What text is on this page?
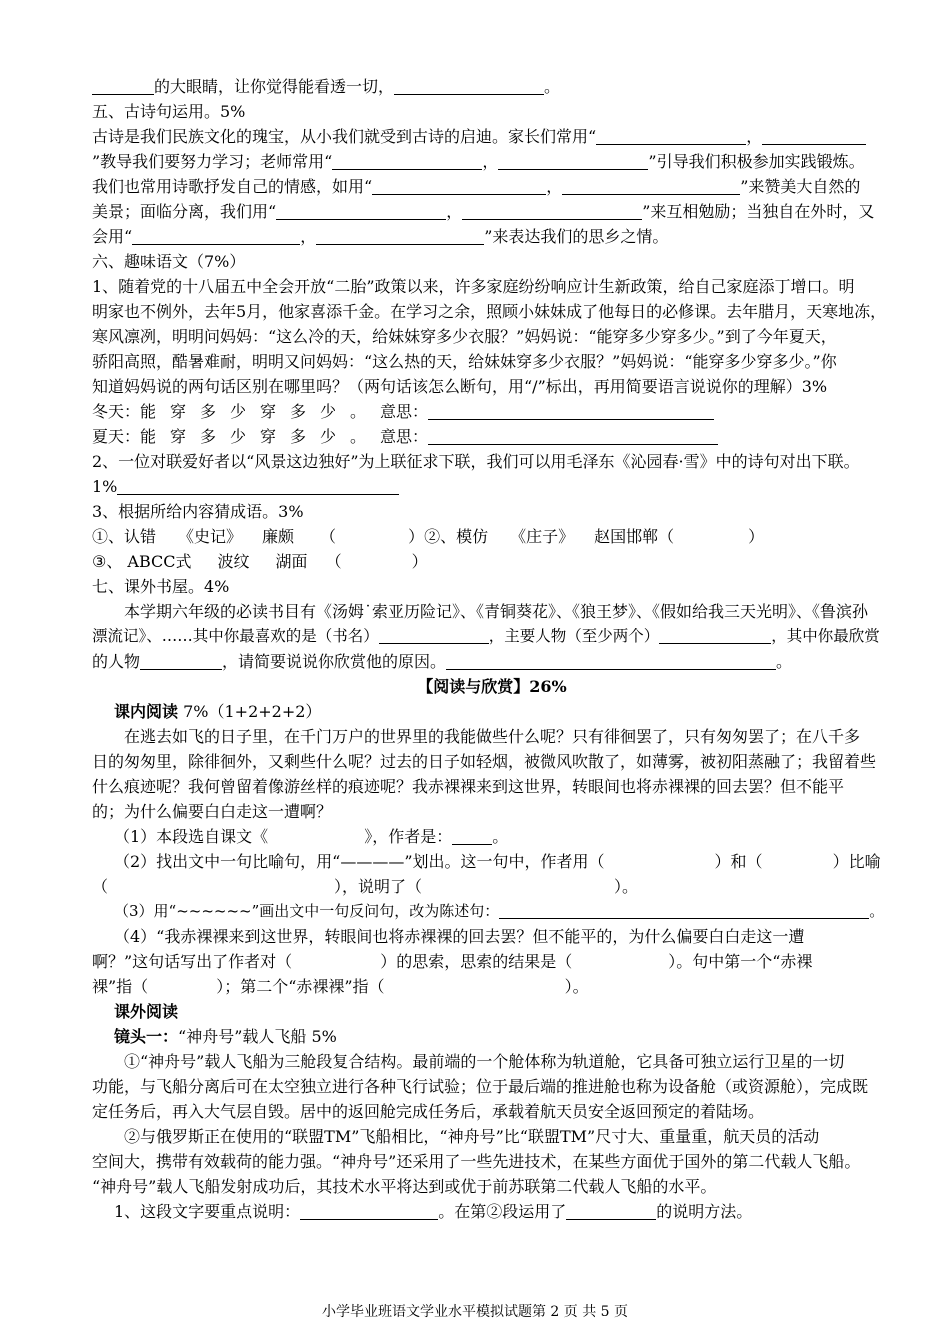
的大眼睛，让你觉得能看透一切，	。
五、古诗句运用。5%
古诗是我们民族文化的瑰宝，从小我们就受到古诗的启迪。家长们常用“	，
”教导我们要努力学习；老师常用“	，	”引导我们积极参加实践锻炼。
我们也常用诗歌抒发自己的情感，如用“	，	”来赞美大自然的
美景；面临分离，我们用“	，	”来互相勉励；当独自在外时，又
会用“	，	”来表达我们的思乡之情。
六、趣味语文（7%）
1、随着党的十八届五中全会开放“二胎”政策以来，许多家庭纷纷响应计生新政策，给自己家庭添丁增口。明
明家也不例外，去年5月，他家喜添千金。在学习之余，照顾小妹妹成了他每日的必修课。去年腊月，天寒地冻，
寒风凛冽，明明问妈妈：“这么冷的天，给妹妹穿多少衣服？”妈妈说：“能穿多少穿多少。”到了今年夏天，
骄阳高照，酷暑难耐，明明又问妈妈：“这么热的天，给妹妹穿多少衣服？”妈妈说：“能穿多少穿多少。”你
知道妈妈说的两句话区别在哪里吗？（两句话该怎么断句，用“/”标出，再用简要语言说说你的理解）3%
冬天：能穿多少穿多少。意思：
夏天：能穿多少穿多少。意思：
2、一位对联爱好者以“风景这边独好”为上联征求下联，我们可以用毛泽东《沁园春·雪》中的诗句对出下联。
1%
3、根据所给内容猜成语。3%
①、认错 《史记》 廉颇 （	）②、模仿 《庄子》 赵国邯郸（	）
③、 ABCC式 波纹 湖面 （	）
七、课外书屋。4%
本学期六年级的必读书目有《汤姆˙索亚历险记》、《青铜葵花》、《狼王梦》、《假如给我三天光明》、《鲁滨孙
漂流记》、……其中你最喜欢的是（书名）	，主要人物（至少两个）	，其中你最欣赏
的人物	，请简要说说你欣赏他的原因。	。
【阅读与欣赏】26%
课内阅读 7%（1+2+2+2）
在逃去如飞的日子里，在千门万户的世界里的我能做些什么呢？只有徘徊罢了，只有匆匆罢了；在八千多
日的匆匆里，除徘徊外，又剩些什么呢？过去的日子如轻烟，被微风吹散了，如薄雾，被初阳蒸融了；我留着些
什么痕迹呢？我何曾留着像游丝样的痕迹呢？我赤裸裸来到这世界，转眼间也将赤裸裸的回去罢？但不能平
的；为什么偏要白白走这一遭啊？
（1）本段选自课文《	》，作者是：	。
（2）找出文中一句比喻句，用“————”划出。这一句中，作者用（	）和（	）比喻
（	），说明了（	）。
（3）用“~~~~~~”画出文中一句反问句，改为陈述句：	。
（4）“我赤裸裸来到这世界，转眼间也将赤裸裸的回去罢？但不能平的，为什么偏要白白走这一遭
啊？”这句话写出了作者对（	）的思索，思索的结果是（	）。句中第一个“赤裸
裸”指（	）；第二个“赤裸裸”指（	）。
课外阅读
镜头一：“神舟号”载人飞船 5%
①“神舟号”载人飞船为三舱段复合结构。最前端的一个舱体称为轨道舱，它具备可独立运行卫星的一切
功能，与飞船分离后可在太空独立进行各种飞行试验；位于最后端的推进舱也称为设备舱（或资源舱），完成既
定任务后，再入大气层自毁。居中的返回舱完成任务后，承载着航天员安全返回预定的着陆场。
②与俄罗斯正在使用的“联盟TM”飞船相比，“神舟号”比“联盟TM”尺寸大、重量重，航天员的活动
空间大，携带有效载荷的能力强。“神舟号”还采用了一些先进技术，在某些方面优于国外的第二代载人飞船。
“神舟号”载人飞船发射成功后，其技术水平将达到或优于前苏联第二代载人飞船的水平。
1、这段文字要重点说明：	。在第②段运用了	的说明方法。
小学毕业班语文学业水平模拟试题第 2 页 共 5 页
